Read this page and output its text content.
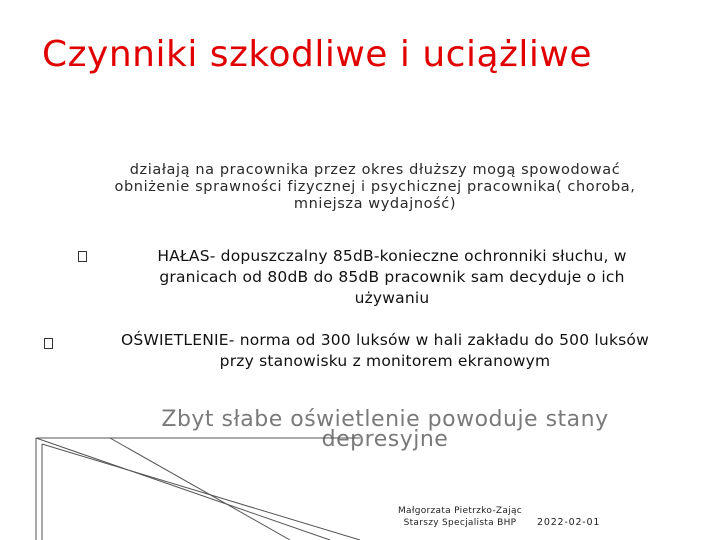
Czynniki szkodliwe i uciążliwe
działają na pracownika przez okres dłuższy mogą spowodować
obniżenie sprawności fizycznej i psychicznej pracownika( choroba,
mniejsza wydajność)
HAŁAS- dopuszczalny 85dB-konieczne ochronniki słuchu, w
granicach od 80dB do 85dB pracownik sam decyduje o ich
używaniu
OŚWIETLENIE- norma od 300 luksów w hali zakładu do 500 luksów
przy stanowisku z monitorem ekranowym
Zbyt słabe oświetlenie powoduje stany
depresyjne
Małgorzata Pietrzko-Zając
Starszy Specjalista BHP	2022-02-01
